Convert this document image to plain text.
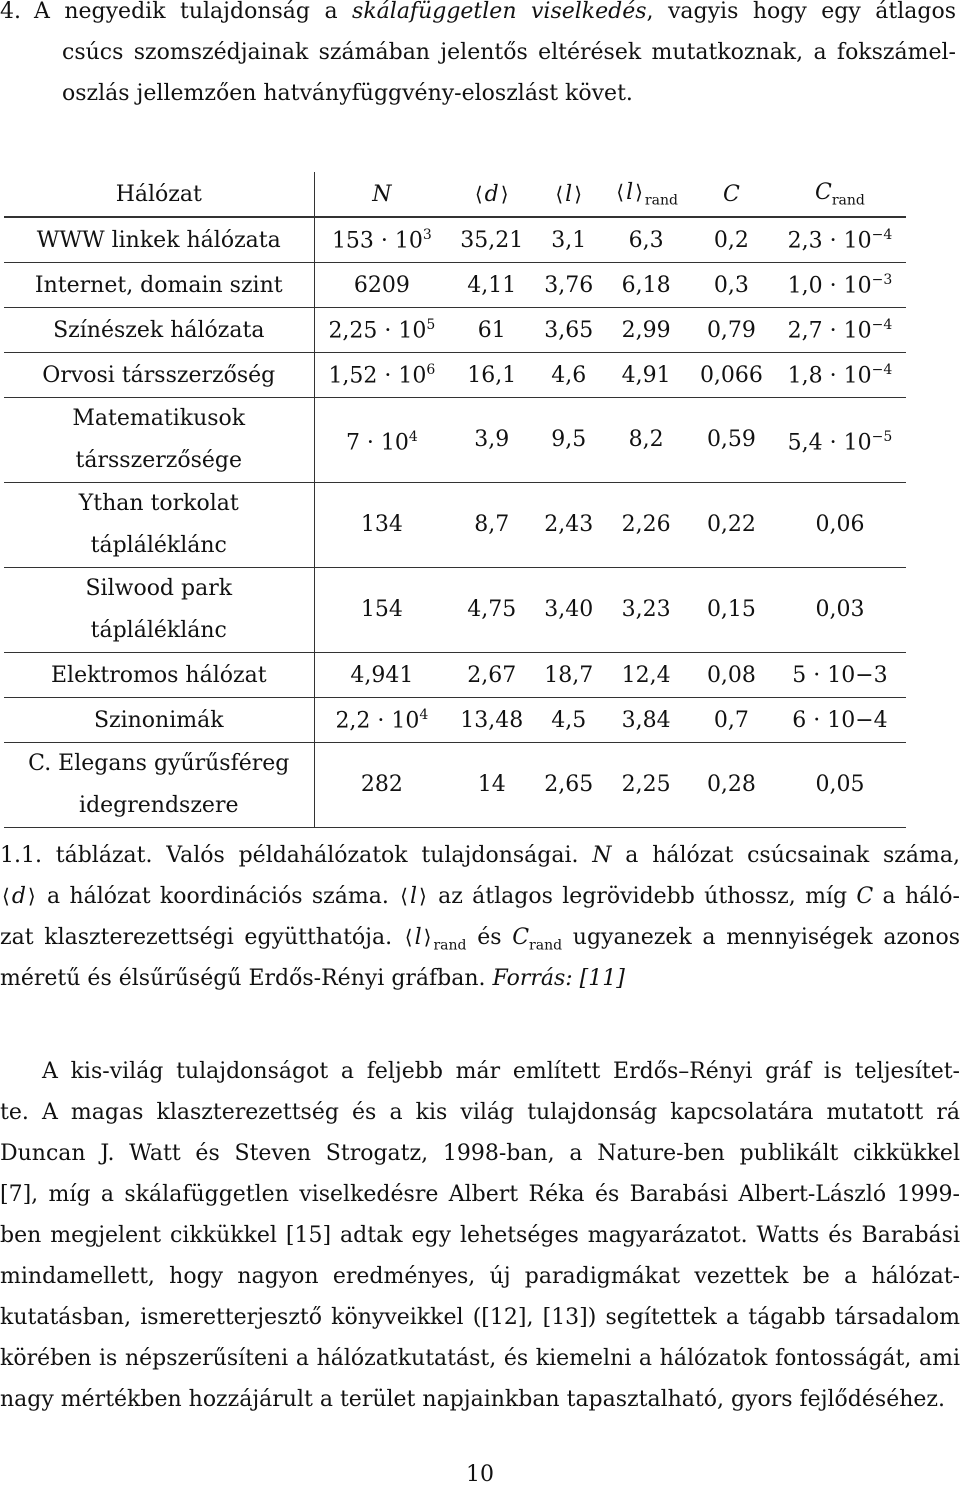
4. A negyedik tulajdonság a skálafüggetlen viselkedés, vagyis hogy egy átlagos
csúcs szomszédjainak számában jelentős eltérések mutatkoznak, a fokszámel-
oszlás jellemzően hatványfüggvény-eloszlást követ.
Hálózat	N	⟨d ⟩	⟨l ⟩	⟨l ⟩ $_{rand}$	C	$C_{rand}$
WWW linkek hálózata	$153 \cdot 10^3$	35,21	3,1	6,3	0,2	$2,3 \cdot 10^{-4}$
Internet, domain szint	6209	4,11	3,76	6,18	0,3	$1,0 \cdot 10^{-3}$
Színészek hálózata	$2,25 \cdot 10^5$	61	3,65	2,99	0,79	$2,7 \cdot 10^{-4}$
Orvosi társszerzőség	$1,52 \cdot 10^6$	16,1	4,6	4,91	0,066	$1,8 \cdot 10^{-4}$
Matematikusok
társszerzősége	$7 \cdot 10^4$	3,9	9,5	8,2	0,59	$5,4 \cdot 10^{-5}$
Ythan torkolat
tápláléklánc	134	8,7	2,43	2,26	0,22	0,06
Silwood park
tápláléklánc	154	4,75	3,40	3,23	0,15	0,03
Elektromos hálózat	4,941	2,67	18,7	12,4	0,08	5 · 10−3
Szinonimák	$2,2 \cdot 10^4$	13,48	4,5	3,84	0,7	6 · 10−4
C. Elegans gyűrűsféreg
idegrendszere	282	14	2,65	2,25	0,28	0,05
1.1. táblázat. Valós példahálózatok tulajdonságai. N a hálózat csúcsainak száma,
⟨d ⟩ a hálózat koordinációs száma. ⟨l ⟩ az átlagos legrövidebb úthossz, míg C a háló-
zat klaszterezettségi együtthatója. ⟨l ⟩ $_{rand}$ és $C_{rand}$ ugyanezek a mennyiségek azonos
méretű és élsűrűségű Erdős-Rényi gráfban. Forrás: [11]
A kis-világ tulajdonságot a feljebb már említett Erdős–Rényi gráf is teljesítet-
te. A magas klaszterezettség és a kis világ tulajdonság kapcsolatára mutatott rá
Duncan J. Watt és Steven Strogatz, 1998-ban, a Nature-ben publikált cikkükkel
[7], míg a skálafüggetlen viselkedésre Albert Réka és Barabási Albert-László 1999-
ben megjelent cikkükkel [15] adtak egy lehetséges magyarázatot. Watts és Barabási
mindamellett, hogy nagyon eredményes, új paradigmákat vezettek be a hálózat-
kutatásban, ismeretterjesztő könyveikkel ([12], [13]) segítettek a tágabb társadalom
körében is népszerűsíteni a hálózatkutatást, és kiemelni a hálózatok fontosságát, ami
nagy mértékben hozzájárult a terület napjainkban tapasztalható, gyors fejlődéséhez.
10
